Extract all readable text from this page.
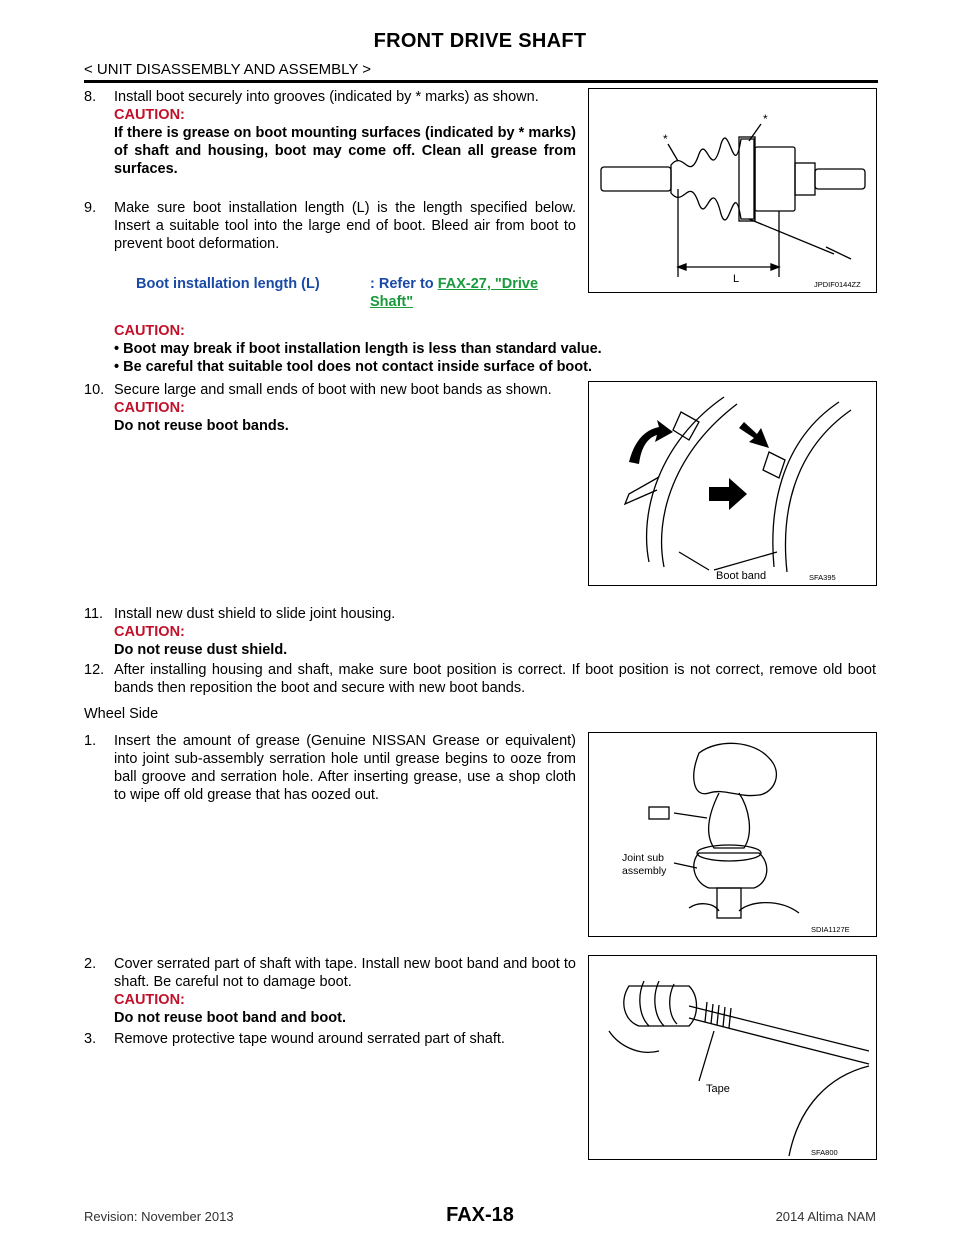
FRONT DRIVE SHAFT
< UNIT DISASSEMBLY AND ASSEMBLY >
8. Install boot securely into grooves (indicated by * marks) as shown.
CAUTION:
If there is grease on boot mounting surfaces (indicated by * marks) of shaft and housing, boot may come off. Clean all grease from surfaces.
9. Make sure boot installation length (L) is the length specified below. Insert a suitable tool into the large end of boot. Bleed air from boot to prevent boot deformation.
Boot installation length (L)	: Refer to FAX-27, "Drive Shaft"
CAUTION:
• Boot may break if boot installation length is less than standard value.
• Be careful that suitable tool does not contact inside surface of boot.
10. Secure large and small ends of boot with new boot bands as shown.
CAUTION:
Do not reuse boot bands.
11. Install new dust shield to slide joint housing.
CAUTION:
Do not reuse dust shield.
12. After installing housing and shaft, make sure boot position is correct. If boot position is not correct, remove old boot bands then reposition the boot and secure with new boot bands.
Wheel Side
1. Insert the amount of grease (Genuine NISSAN Grease or equivalent) into joint sub-assembly serration hole until grease begins to ooze from ball groove and serration hole. After inserting grease, use a shop cloth to wipe off old grease that has oozed out.
2. Cover serrated part of shaft with tape. Install new boot band and boot to shaft. Be careful not to damage boot.
CAUTION:
Do not reuse boot band and boot.
3. Remove protective tape wound around serrated part of shaft.
*
*
L	JPDIF0144ZZ
Boot band	SFA395
Joint sub
assembly
SDIA1127E
Tape
SFA800
Revision: November 2013	FAX-18	2014 Altima NAM
